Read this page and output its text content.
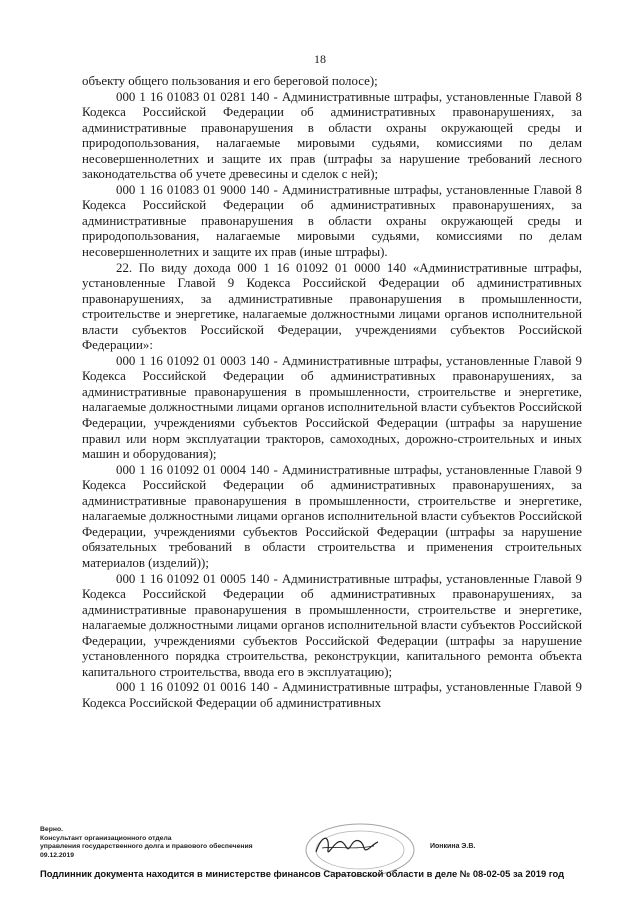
18

объекту общего пользования и его береговой полосе);

000 1 16 01083 01 0281 140 - Административные штрафы, установленные Главой 8 Кодекса Российской Федерации об административных правонарушениях, за административные правонарушения в области охраны окружающей среды и природопользования, налагаемые мировыми судьями, комиссиями по делам несовершеннолетних и защите их прав (штрафы за нарушение требований лесного законодательства об учете древесины и сделок с ней);

000 1 16 01083 01 9000 140 - Административные штрафы, установленные Главой 8 Кодекса Российской Федерации об административных правонарушениях, за административные правонарушения в области охраны окружающей среды и природопользования, налагаемые мировыми судьями, комиссиями по делам несовершеннолетних и защите их прав (иные штрафы).

22. По виду дохода 000 1 16 01092 01 0000 140 «Административные штрафы, установленные Главой 9 Кодекса Российской Федерации об административных правонарушениях, за административные правонарушения в промышленности, строительстве и энергетике, налагаемые должностными лицами органов исполнительной власти субъектов Российской Федерации, учреждениями субъектов Российской Федерации»:

000 1 16 01092 01 0003 140 - Административные штрафы, установленные Главой 9 Кодекса Российской Федерации об административных правонарушениях, за административные правонарушения в промышленности, строительстве и энергетике, налагаемые должностными лицами органов исполнительной власти субъектов Российской Федерации, учреждениями субъектов Российской Федерации (штрафы за нарушение правил или норм эксплуатации тракторов, самоходных, дорожно-строительных и иных машин и оборудования);

000 1 16 01092 01 0004 140 - Административные штрафы, установленные Главой 9 Кодекса Российской Федерации об административных правонарушениях, за административные правонарушения в промышленности, строительстве и энергетике, налагаемые должностными лицами органов исполнительной власти субъектов Российской Федерации, учреждениями субъектов Российской Федерации (штрафы за нарушение обязательных требований в области строительства и применения строительных материалов (изделий));

000 1 16 01092 01 0005 140 - Административные штрафы, установленные Главой 9 Кодекса Российской Федерации об административных правонарушениях, за административные правонарушения в промышленности, строительстве и энергетике, налагаемые должностными лицами органов исполнительной власти субъектов Российской Федерации, учреждениями субъектов Российской Федерации (штрафы за нарушение установленного порядка строительства, реконструкции, капитального ремонта объекта капитального строительства, ввода его в эксплуатацию);

000 1 16 01092 01 0016 140 - Административные штрафы, установленные Главой 9 Кодекса Российской Федерации об административных

Верно.
Консультант организационного отдела
управления государственного долга и правового обеспечения
09.12.2019
Ионкина Э.В.
Подлинник документа находится в министерстве финансов Саратовской области в деле № 08-02-05 за 2019 год
